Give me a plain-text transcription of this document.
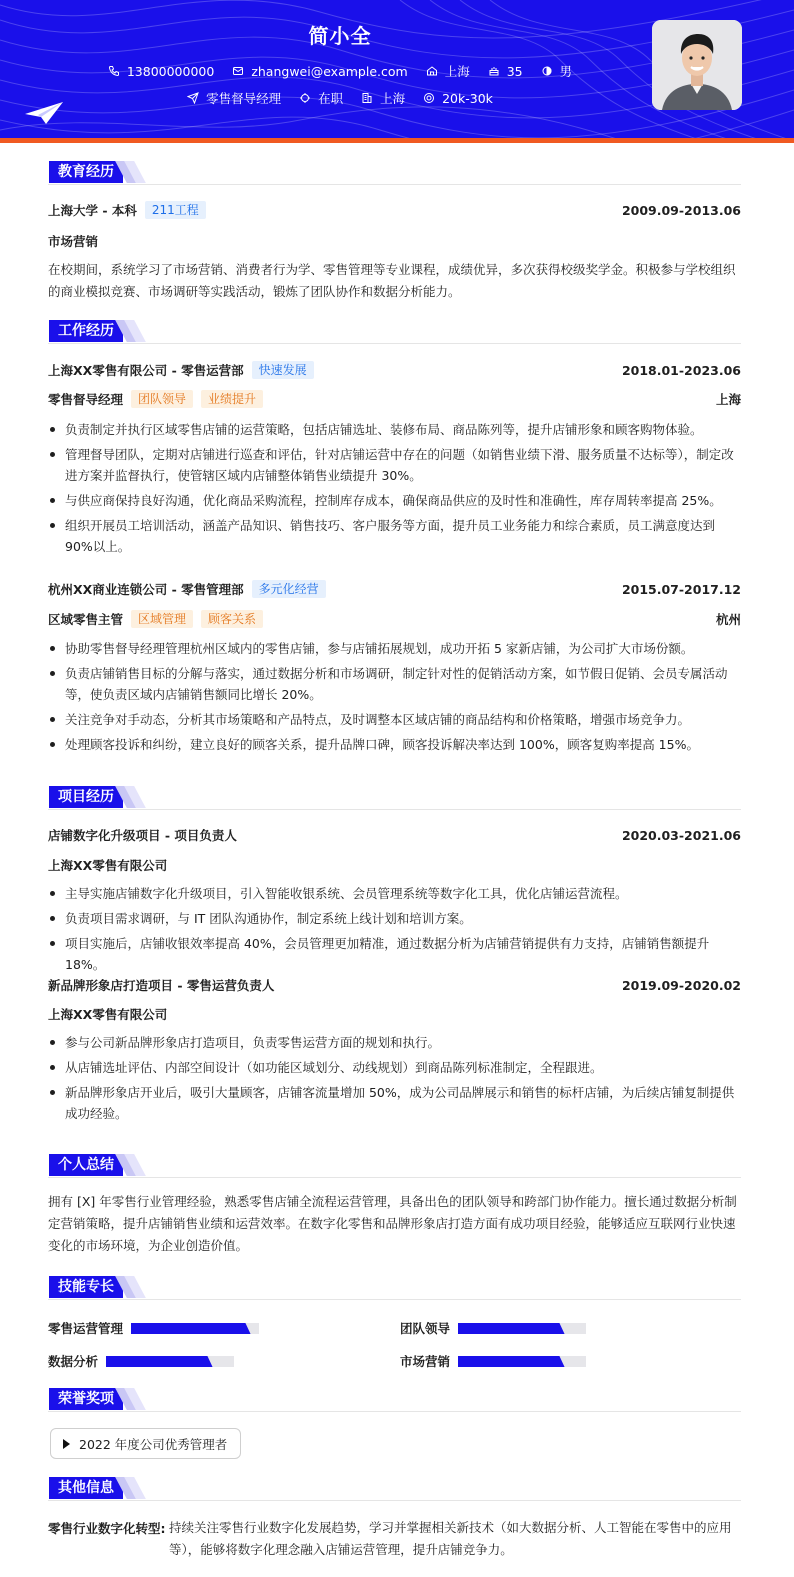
简小全
13800000000	zhangwei@example.com	上海	35	男
零售督导经理	在职	上海	20k-30k
教育经历
上海大学 - 本科	211工程	2009.09-2013.06
市场营销
在校期间，系统学习了市场营销、消费者行为学、零售管理等专业课程，成绩优异，多次获得校级奖学金。积极参与学校组织的商业模拟竞赛、市场调研等实践活动，锻炼了团队协作和数据分析能力。
工作经历
上海XX零售有限公司 - 零售运营部	快速发展	2018.01-2023.06
零售督导经理	团队领导	业绩提升	上海
负责制定并执行区域零售店铺的运营策略，包括店铺选址、装修布局、商品陈列等，提升店铺形象和顾客购物体验。
管理督导团队，定期对店铺进行巡查和评估，针对店铺运营中存在的问题（如销售业绩下滑、服务质量不达标等），制定改进方案并监督执行，使管辖区域内店铺整体销售业绩提升 30%。
与供应商保持良好沟通，优化商品采购流程，控制库存成本，确保商品供应的及时性和准确性，库存周转率提高 25%。
组织开展员工培训活动，涵盖产品知识、销售技巧、客户服务等方面，提升员工业务能力和综合素质，员工满意度达到 90%以上。
杭州XX商业连锁公司 - 零售管理部	多元化经营	2015.07-2017.12
区域零售主管	区域管理	顾客关系	杭州
协助零售督导经理管理杭州区域内的零售店铺，参与店铺拓展规划，成功开拓 5 家新店铺，为公司扩大市场份额。
负责店铺销售目标的分解与落实，通过数据分析和市场调研，制定针对性的促销活动方案，如节假日促销、会员专属活动等，使负责区域内店铺销售额同比增长 20%。
关注竞争对手动态，分析其市场策略和产品特点，及时调整本区域店铺的商品结构和价格策略，增强市场竞争力。
处理顾客投诉和纠纷，建立良好的顾客关系，提升品牌口碑，顾客投诉解决率达到 100%，顾客复购率提高 15%。
项目经历
店铺数字化升级项目 - 项目负责人	2020.03-2021.06
上海XX零售有限公司
主导实施店铺数字化升级项目，引入智能收银系统、会员管理系统等数字化工具，优化店铺运营流程。
负责项目需求调研，与 IT 团队沟通协作，制定系统上线计划和培训方案。
项目实施后，店铺收银效率提高 40%，会员管理更加精准，通过数据分析为店铺营销提供有力支持，店铺销售额提升 18%。
新品牌形象店打造项目 - 零售运营负责人	2019.09-2020.02
上海XX零售有限公司
参与公司新品牌形象店打造项目，负责零售运营方面的规划和执行。
从店铺选址评估、内部空间设计（如功能区域划分、动线规划）到商品陈列标准制定，全程跟进。
新品牌形象店开业后，吸引大量顾客，店铺客流量增加 50%，成为公司品牌展示和销售的标杆店铺，为后续店铺复制提供成功经验。
个人总结
拥有 [X] 年零售行业管理经验，熟悉零售店铺全流程运营管理，具备出色的团队领导和跨部门协作能力。擅长通过数据分析制定营销策略，提升店铺销售业绩和运营效率。在数字化零售和品牌形象店打造方面有成功项目经验，能够适应互联网行业快速变化的市场环境，为企业创造价值。
技能专长
零售运营管理	团队领导
数据分析	市场营销
荣誉奖项
2022 年度公司优秀管理者
其他信息
零售行业数字化转型: 持续关注零售行业数字化发展趋势，学习并掌握相关新技术（如大数据分析、人工智能在零售中的应用等），能够将数字化理念融入店铺运营管理，提升店铺竞争力。
